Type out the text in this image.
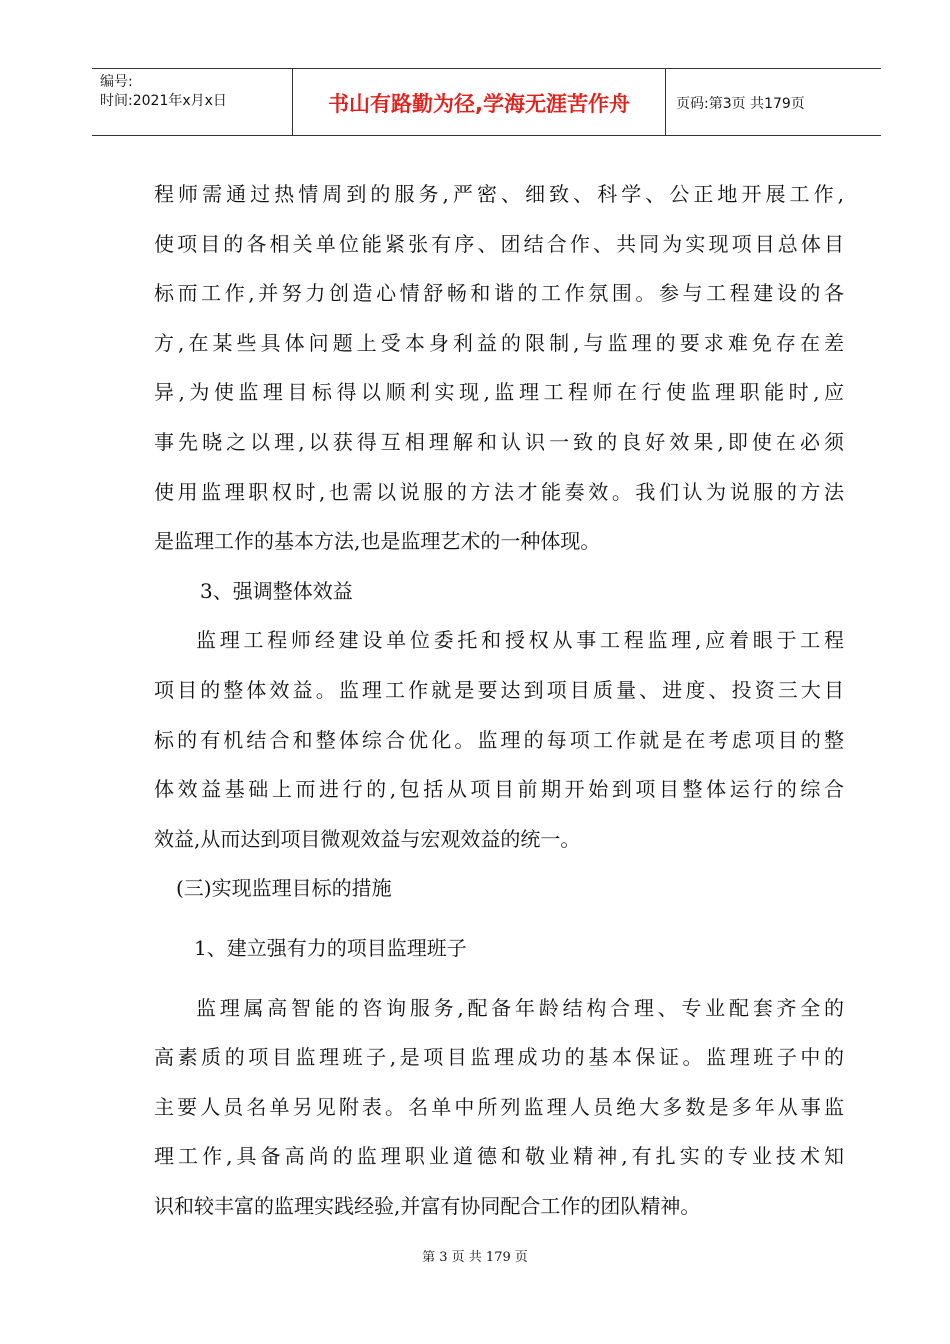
编号:
时间:2021年x月x日	书山有路勤为径,学海无涯苦作舟	页码:第3页 共179页
程师需通过热情周到的服务,严密、细致、科学、公正地开展工作,
使项目的各相关单位能紧张有序、团结合作、共同为实现项目总体目
标而工作,并努力创造心情舒畅和谐的工作氛围。参与工程建设的各
方,在某些具体问题上受本身利益的限制,与监理的要求难免存在差
异,为使监理目标得以顺利实现,监理工程师在行使监理职能时,应
事先晓之以理,以获得互相理解和认识一致的良好效果,即使在必须
使用监理职权时,也需以说服的方法才能奏效。我们认为说服的方法
是监理工作的基本方法,也是监理艺术的一种体现。
3、强调整体效益
监理工程师经建设单位委托和授权从事工程监理,应着眼于工程
项目的整体效益。监理工作就是要达到项目质量、进度、投资三大目
标的有机结合和整体综合优化。监理的每项工作就是在考虑项目的整
体效益基础上而进行的,包括从项目前期开始到项目整体运行的综合
效益,从而达到项目微观效益与宏观效益的统一。
(三)实现监理目标的措施
1、建立强有力的项目监理班子
监理属高智能的咨询服务,配备年龄结构合理、专业配套齐全的
高素质的项目监理班子,是项目监理成功的基本保证。监理班子中的
主要人员名单另见附表。名单中所列监理人员绝大多数是多年从事监
理工作,具备高尚的监理职业道德和敬业精神,有扎实的专业技术知
识和较丰富的监理实践经验,并富有协同配合工作的团队精神。
第 3 页 共 179 页
